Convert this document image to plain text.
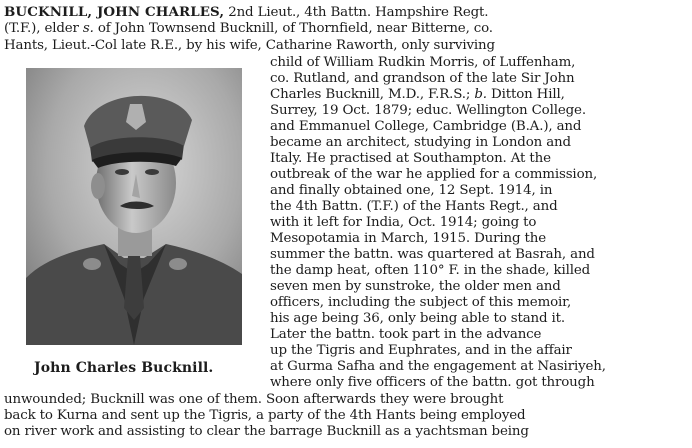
BUCKNILL, JOHN CHARLES, 2nd Lieut., 4th Battn. Hampshire Regt.
(T.F.), elder s. of John Townsend Bucknill, of Thornfield, near Bitterne, co.
Hants, Lieut.-Col late R.E., by his wife, Catharine Raworth, only surviving
child of William Rudkin Morris, of Luffenham,
co. Rutland, and grandson of the late Sir John
Charles Bucknill, M.D., F.R.S.; b. Ditton Hill,
Surrey, 19 Oct. 1879; educ. Wellington College.
and Emmanuel College, Cambridge (B.A.), and
became an architect, studying in London and
Italy. He practised at Southampton. At the
outbreak of the war he applied for a commission,
and finally obtained one, 12 Sept. 1914, in
the 4th Battn. (T.F.) of the Hants Regt., and
with it left for India, Oct. 1914; going to
Mesopotamia in March, 1915. During the
summer the battn. was quartered at Basrah, and
the damp heat, often 110° F. in the shade, killed
seven men by sunstroke, the older men and
officers, including the subject of this memoir,
his age being 36, only being able to stand it.
Later the battn. took part in the advance
up the Tigris and Euphrates, and in the affair
at Gurma Safha and the engagement at Nasiriyeh,
where only five officers of the battn. got through
John Charles Bucknill.
unwounded; Bucknill was one of them. Soon afterwards they were brought
back to Kurna and sent up the Tigris, a party of the 4th Hants being employed
on river work and assisting to clear the barrage Bucknill as a yachtsman being
